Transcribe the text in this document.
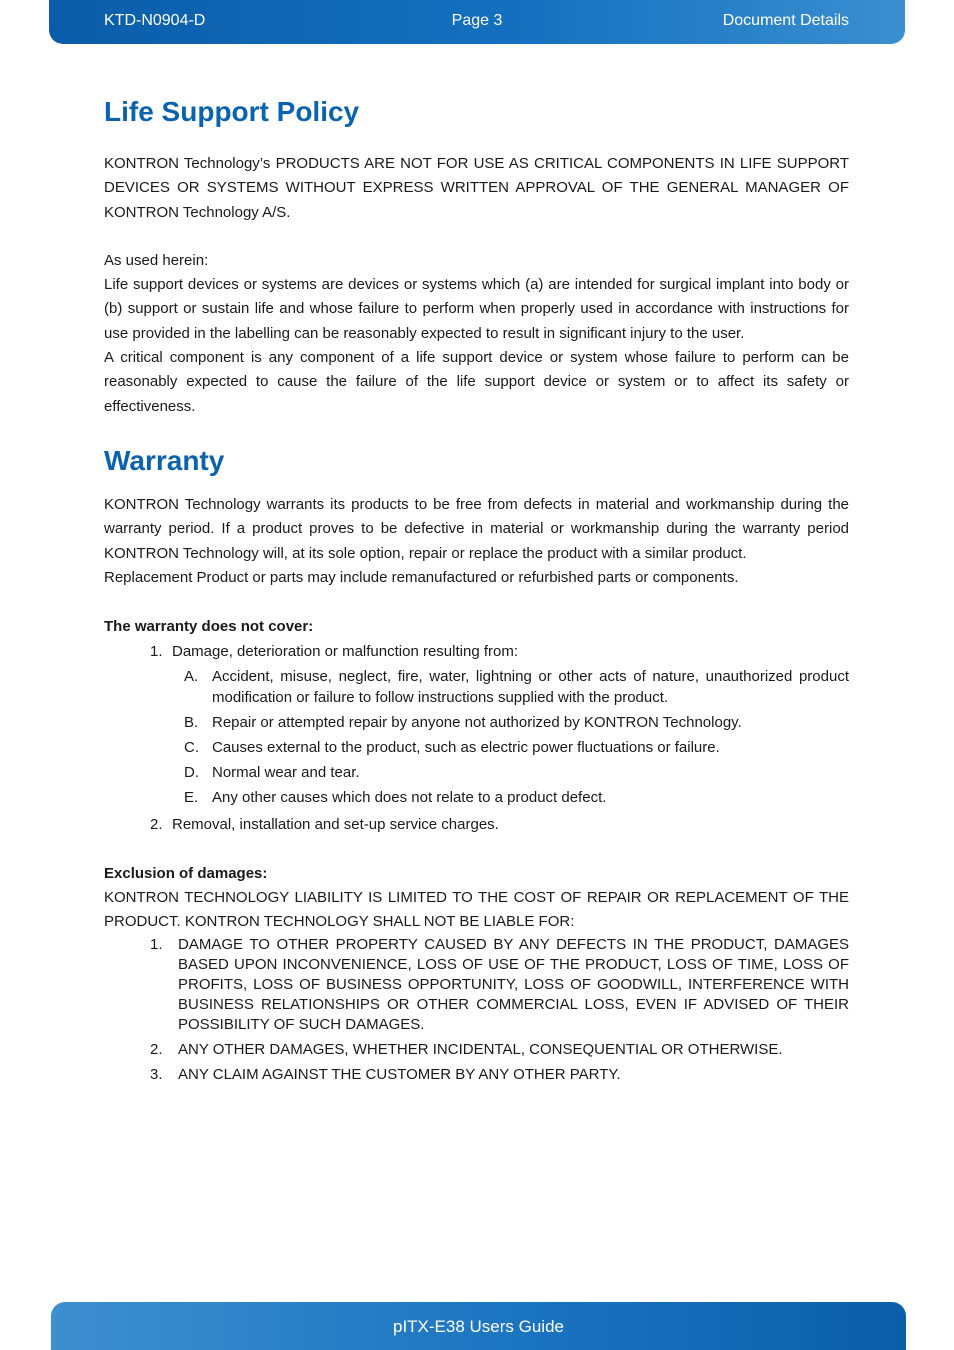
KTD-N0904-D	Page 3	Document Details
Life Support Policy

KONTRON Technology’s PRODUCTS ARE NOT FOR USE AS CRITICAL COMPONENTS IN LIFE SUPPORT DEVICES OR SYSTEMS WITHOUT EXPRESS WRITTEN APPROVAL OF THE GENERAL MANAGER OF KONTRON Technology A/S.

As used herein:

Life support devices or systems are devices or systems which (a) are intended for surgical implant into body or (b) support or sustain life and whose failure to perform when properly used in accordance with instructions for use provided in the labelling can be reasonably expected to result in significant injury to the user.

A critical component is any component of a life support device or system whose failure to perform can be reasonably expected to cause the failure of the life support device or system or to affect its safety or effectiveness.

Warranty

KONTRON Technology warrants its products to be free from defects in material and workmanship during the warranty period. If a product proves to be defective in material or workmanship during the warranty period KONTRON Technology will, at its sole option, repair or replace the product with a similar product.

Replacement Product or parts may include remanufactured or refurbished parts or components.

The warranty does not cover:
1. Damage, deterioration or malfunction resulting from:
A. Accident, misuse, neglect, fire, water, lightning or other acts of nature, unauthorized product modification or failure to follow instructions supplied with the product.
B. Repair or attempted repair by anyone not authorized by KONTRON Technology.
C. Causes external to the product, such as electric power fluctuations or failure.
D. Normal wear and tear.
E. Any other causes which does not relate to a product defect.
2. Removal, installation and set-up service charges.
Exclusion of damages:

KONTRON TECHNOLOGY LIABILITY IS LIMITED TO THE COST OF REPAIR OR REPLACEMENT OF THE PRODUCT. KONTRON TECHNOLOGY SHALL NOT BE LIABLE FOR:

1. DAMAGE TO OTHER PROPERTY CAUSED BY ANY DEFECTS IN THE PRODUCT, DAMAGES BASED UPON INCONVENIENCE, LOSS OF USE OF THE PRODUCT, LOSS OF TIME, LOSS OF PROFITS, LOSS OF BUSINESS OPPORTUNITY, LOSS OF GOODWILL, INTERFERENCE WITH BUSINESS RELATIONSHIPS OR OTHER COMMERCIAL LOSS, EVEN IF ADVISED OF THEIR POSSIBILITY OF SUCH DAMAGES.
2. ANY OTHER DAMAGES, WHETHER INCIDENTAL, CONSEQUENTIAL OR OTHERWISE.
3. ANY CLAIM AGAINST THE CUSTOMER BY ANY OTHER PARTY.
pITX-E38 Users Guide
